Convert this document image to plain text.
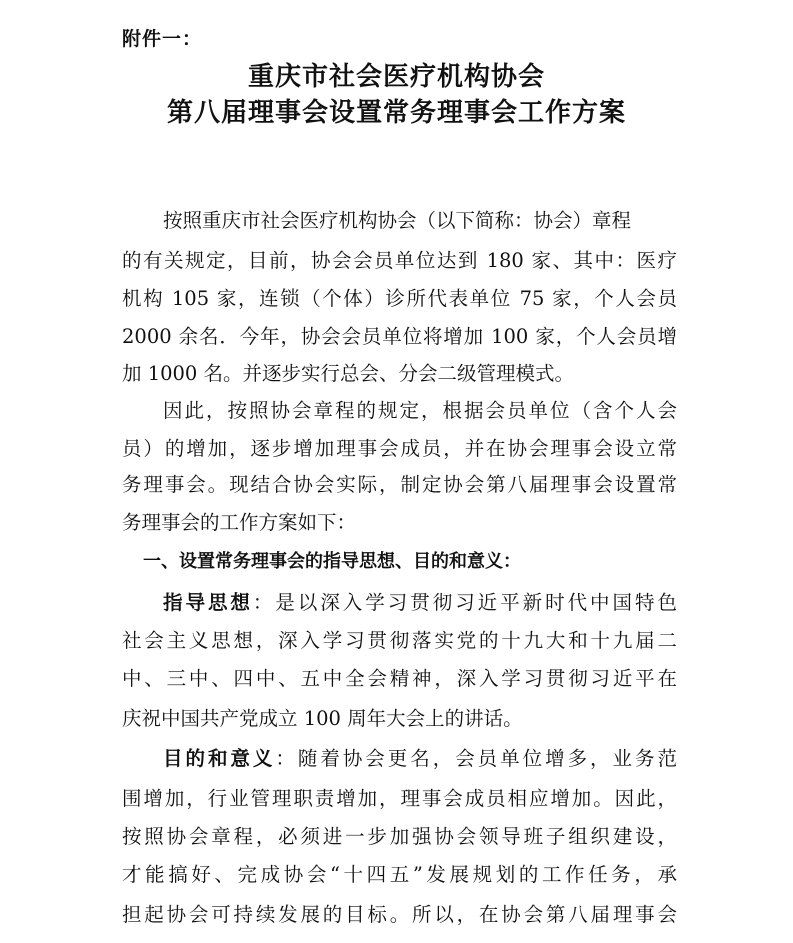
附件一：
重庆市社会医疗机构协会
第八届理事会设置常务理事会工作方案
按照重庆市社会医疗机构协会（以下简称：协会）章程
的有关规定，目前，协会会员单位达到 180 家、其中：医疗
机构 105 家，连锁（个体）诊所代表单位 75 家，个人会员
2000 余名．今年，协会会员单位将增加 100 家，个人会员增
加 1000 名。并逐步实行总会、分会二级管理模式。
因此，按照协会章程的规定，根据会员单位（含个人会
员）的增加，逐步增加理事会成员，并在协会理事会设立常
务理事会。现结合协会实际，制定协会第八届理事会设置常
务理事会的工作方案如下：
一、设置常务理事会的指导思想、目的和意义：
指导思想：是以深入学习贯彻习近平新时代中国特色
社会主义思想，深入学习贯彻落实党的十九大和十九届二
中、三中、四中、五中全会精神，深入学习贯彻习近平在
庆祝中国共产党成立 100 周年大会上的讲话。
目的和意义：随着协会更名，会员单位增多，业务范
围增加，行业管理职责增加，理事会成员相应增加。因此，
按照协会章程，必须进一步加强协会领导班子组织建设，
才能搞好、完成协会“十四五”发展规划的工作任务，承
担起协会可持续发展的目标。所以，在协会第八届理事会
